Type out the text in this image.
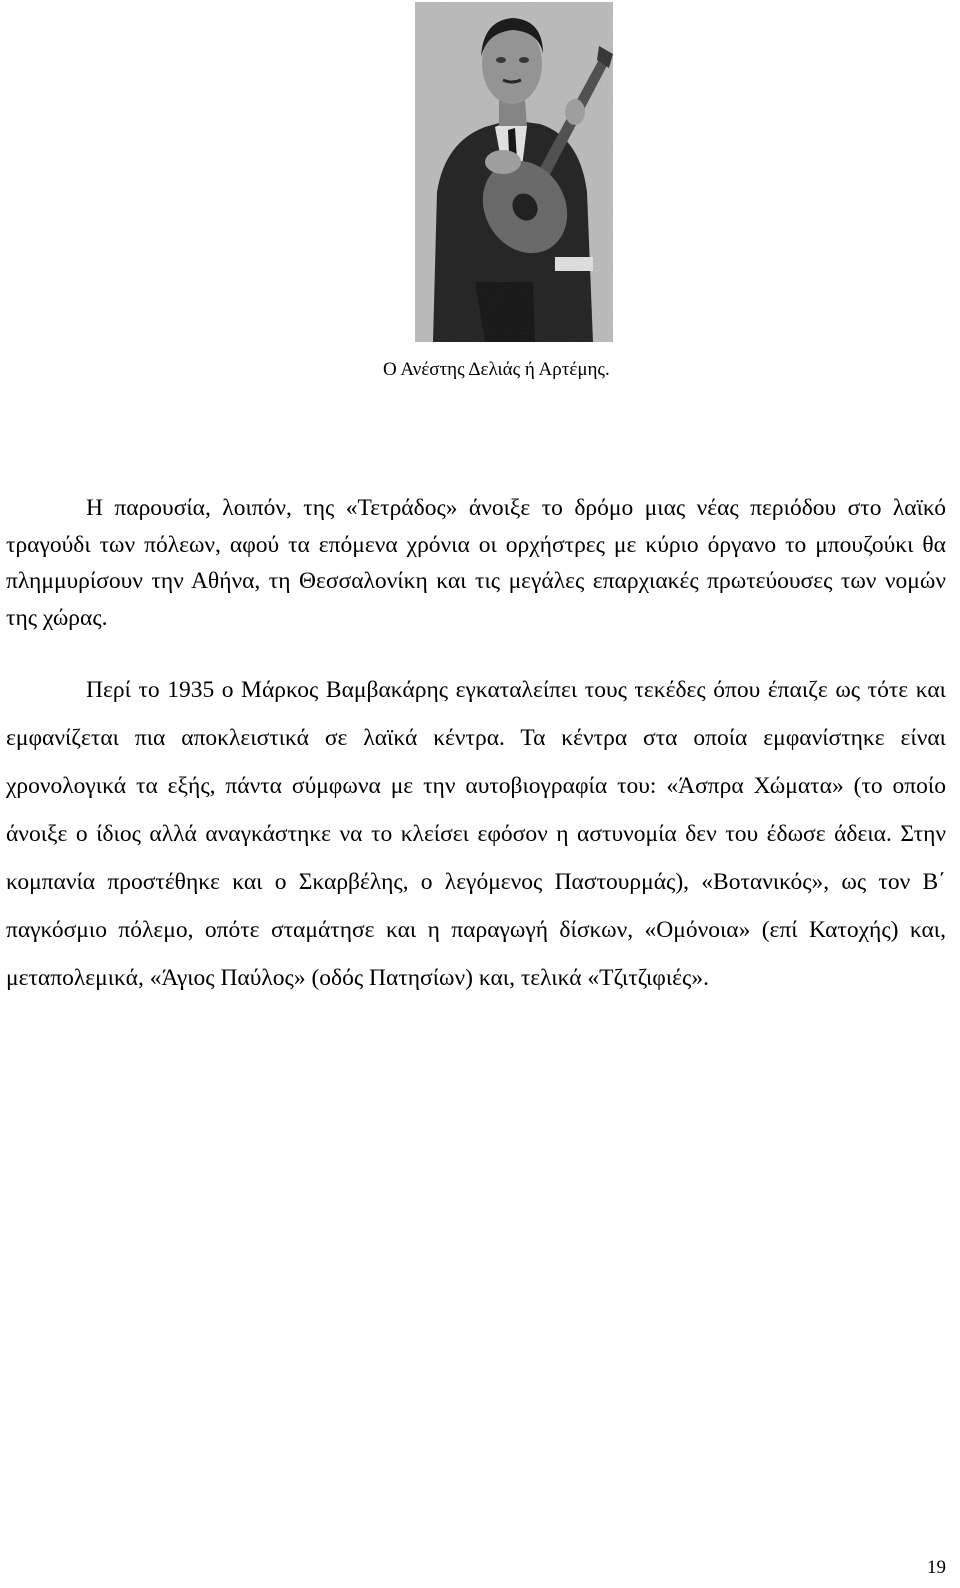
Ο Ανέστης Δελιάς ή Αρτέμης.

Η παρουσία, λοιπόν, της «Τετράδος» άνοιξε το δρόμο μιας νέας περιόδου στο λαϊκό τραγούδι των πόλεων, αφού τα επόμενα χρόνια οι ορχήστρες με κύριο όργανο το μπουζούκι θα πλημμυρίσουν την Αθήνα, τη Θεσσαλονίκη και τις μεγάλες επαρχιακές πρωτεύουσες των νομών της χώρας.

Περί το 1935 ο Μάρκος Βαμβακάρης εγκαταλείπει τους τεκέδες όπου έπαιζε ως τότε και εμφανίζεται πια αποκλειστικά σε λαϊκά κέντρα. Τα κέντρα στα οποία εμφανίστηκε είναι χρονολογικά τα εξής, πάντα σύμφωνα με την αυτοβιογραφία του: «Άσπρα Χώματα» (το οποίο άνοιξε ο ίδιος αλλά αναγκάστηκε να το κλείσει εφόσον η αστυνομία δεν του έδωσε άδεια. Στην κομπανία προστέθηκε και ο Σκαρβέλης, ο λεγόμενος Παστουρμάς), «Βοτανικός», ως τον Β΄ παγκόσμιο πόλεμο, οπότε σταμάτησε και η παραγωγή δίσκων, «Ομόνοια» (επί Κατοχής) και, μεταπολεμικά, «Άγιος Παύλος» (οδός Πατησίων) και, τελικά «Τζιτζιφιές».

19
